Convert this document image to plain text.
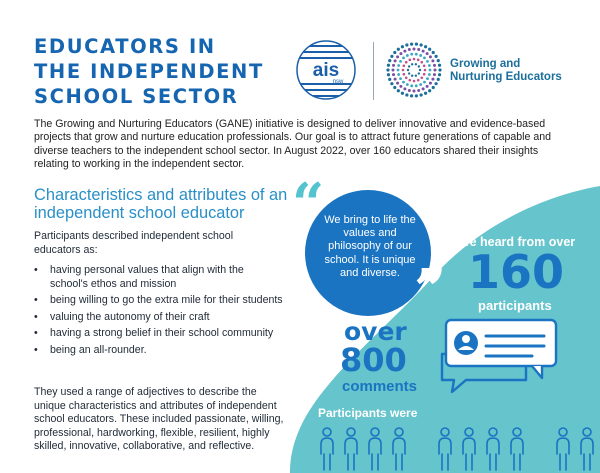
EDUCATORS IN
THE INDEPENDENT
SCHOOL SECTOR
ais
nsw
Growing and
Nurturing Educators

The Growing and Nurturing Educators (GANE) initiative is designed to deliver innovative and evidence-based projects that grow and nurture education professionals. Our goal is to attract future generations of capable and diverse teachers to the independent school sector. In August 2022, over 160 educators shared their insights relating to working in the independent sector.

Characteristics and attributes of an
independent school educator

Participants described independent school educators as:

• having personal values that align with the school's ethos and mission
• being willing to go the extra mile for their students
• valuing the autonomy of their craft
• having a strong belief in their school community
• being an all-rounder.

They used a range of adjectives to describe the unique characteristics and attributes of independent school educators. These included passionate, willing, professional, hardworking, flexible, resilient, highly skilled, innovative, collaborative, and reflective.

“ We bring to life the values and philosophy of our school. It is unique and diverse. ”

We heard from over

160

participants

over

800

comments

Participants were
